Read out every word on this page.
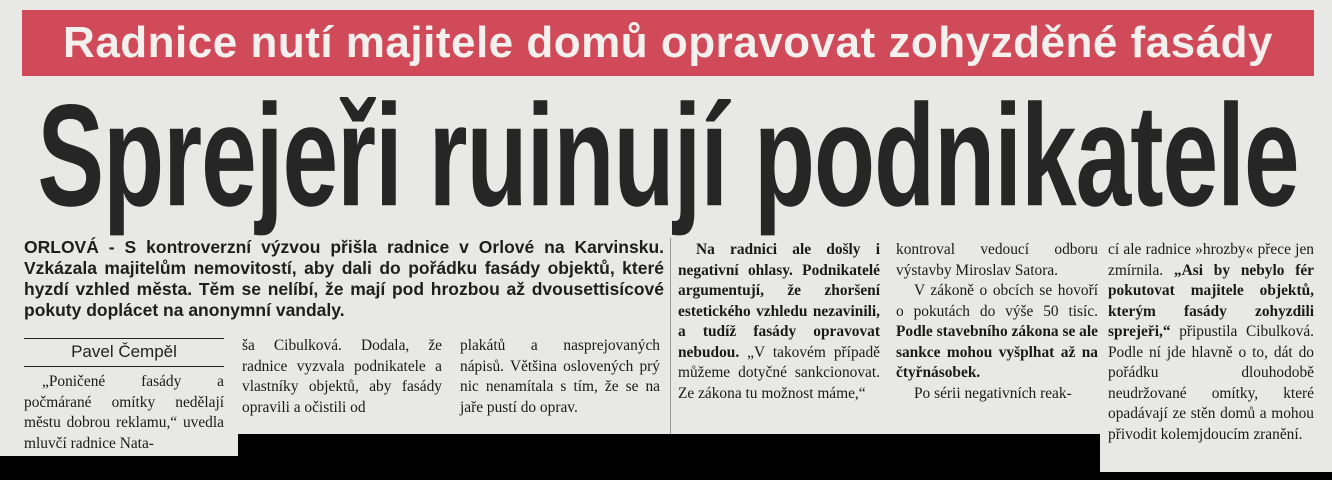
Radnice nutí majitele domů opravovat zohyzděné fasády
Sprejeři ruinují podnikatele
ORLOVÁ - S kontroverzní výzvou přišla radnice v Orlové na Karvinsku. Vzkázala majitelům nemovitostí, aby dali do pořádku fasády objektů, které hyzdí vzhled města. Těm se nelíbí, že mají pod hrozbou až dvousettisícové pokuty doplácet na anonymní vandaly.
Pavel Čempěl

„Poničené fasády a počmárané omítky nedělají městu dobrou reklamu,“ uvedla mluvčí radnice Nata-

ša Cibulková. Dodala, že radnice vyzvala podnikatele a vlastníky objektů, aby fasády opravili a očistili od

plakátů a nasprejovaných nápisů. Většina oslovených prý nic nenamítala s tím, že se na jaře pustí do oprav.

Na radnici ale došly i negativní ohlasy. Podnikatelé argumentují, že zhoršení estetického vzhledu nezavinili, a tudíž fasády opravovat nebudou. „V takovém případě můžeme dotyčné sankcionovat. Ze zákona tu možnost máme,“

kontroval vedoucí odboru výstavby Miroslav Satora.

V zákoně o obcích se hovoří o pokutách do výše 50 tisíc. Podle stavebního zákona se ale sankce mohou vyšplhat až na čtyřnásobek.

Po sérii negativních reak-

cí ale radnice »hrozby« přece jen zmírnila. „Asi by nebylo fér pokutovat majitele objektů, kterým fasády zohyzdili sprejeři,“ připustila Cibulková. Podle ní jde hlavně o to, dát do pořádku dlouhodobě neudržované omítky, které opadávají ze stěn domů a mohou přivodit kolemjdoucím zranění.
